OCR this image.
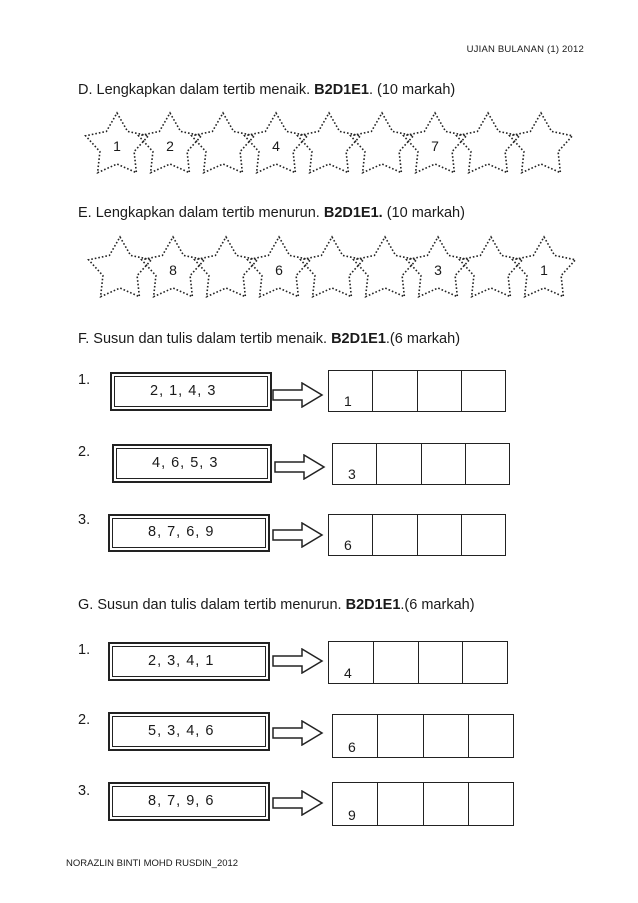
UJIAN BULANAN (1) 2012
D. Lengkapkan dalam tertib menaik. B2D1E1. (10 markah)
1	2	4	7
E. Lengkapkan dalam tertib menurun. B2D1E1. (10 markah)
8	6	3	1
F. Susun dan tulis dalam tertib menaik. B2D1E1.(6 markah)
1.
2, 1, 4, 3
1
2.
4, 6, 5, 3
3
3.
8, 7, 6, 9
6
G. Susun dan tulis dalam tertib menurun. B2D1E1.(6 markah)
1.
2, 3, 4, 1
4
2.
5, 3, 4, 6
6
3.
8, 7, 9, 6
9
NORAZLIN BINTI MOHD RUSDIN_2012
